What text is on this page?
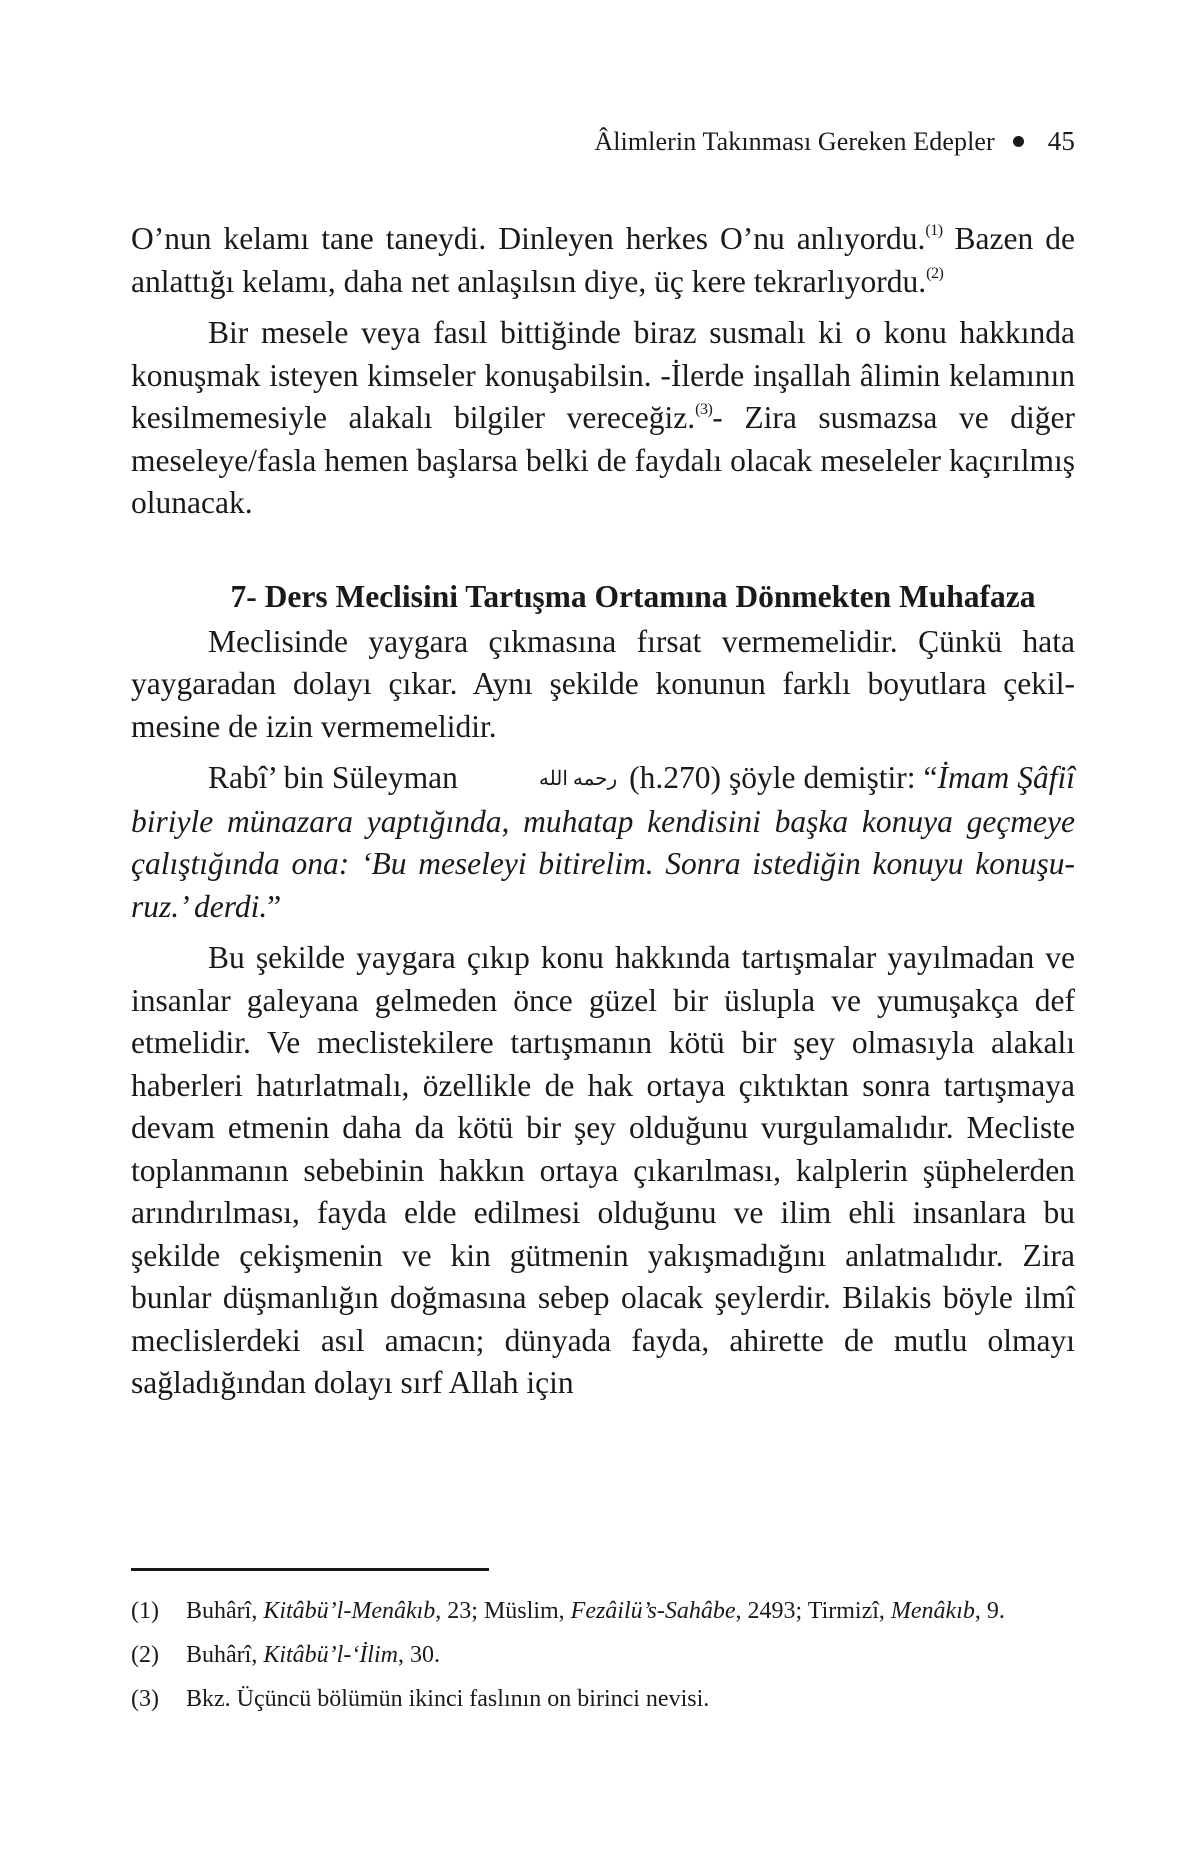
Âlimlerin Takınması Gereken Edepler 45

O’nun kelamı tane taneydi. Dinleyen herkes O’nu anlıyordu.$^{(1)}$ Bazen de anlattığı kelamı, daha net anlaşılsın diye, üç kere tekrarlıyordu.$^{(2)}$

Bir mesele veya fasıl bittiğinde biraz susmalı ki o konu hakkında konuşmak isteyen kimseler konuşabilsin. -İlerde inşallah âlimin kelamının kesilmemesiyle alakalı bilgiler vereceğiz.$^{(3)}$- Zira susmazsa ve diğer meseleye/fasla hemen başlarsa belki de faydalı olacak meseleler kaçırılmış olunacak.

7- Ders Meclisini Tartışma Ortamına Dönmekten Muhafaza

Meclisinde yaygara çıkmasına fırsat vermemelidir. Çünkü hata yaygaradan dolayı çıkar. Aynı şekilde konunun farklı boyutlara çekilmesine de izin vermemelidir.

Rabî’ bin Süleyman	رحمه الله (h.270) şöyle demiştir: “İmam Şâfiî biriyle münazara yaptığında, muhatap kendisini başka konuya geçmeye çalıştığında ona: ‘Bu meseleyi bitirelim. Sonra istediğin konuyu konuşuruz.’ derdi.”

Bu şekilde yaygara çıkıp konu hakkında tartışmalar yayılmadan ve insanlar galeyana gelmeden önce güzel bir üslupla ve yumuşakça def etmelidir. Ve meclistekilere tartışmanın kötü bir şey olmasıyla alakalı haberleri hatırlatmalı, özellikle de hak ortaya çıktıktan sonra tartışmaya devam etmenin daha da kötü bir şey olduğunu vurgulamalıdır. Mecliste toplanmanın sebebinin hakkın ortaya çıkarılması, kalplerin şüphelerden arındırılması, fayda elde edilmesi olduğunu ve ilim ehli insanlara bu şekilde çekişmenin ve kin gütmenin yakışmadığını anlatmalıdır. Zira bunlar düşmanlığın doğmasına sebep olacak şeylerdir. Bilakis böyle ilmî meclislerdeki asıl amacın; dünyada fayda, ahirette de mutlu olmayı sağladığından dolayı sırf Allah için

(1)	Buhârî, Kitâbü’l-Menâkıb, 23; Müslim, Fezâilü’s-Sahâbe, 2493; Tirmizî, Menâkıb, 9.
(2)	Buhârî, Kitâbü’l-‘İlim, 30.
(3)	Bkz. Üçüncü bölümün ikinci faslının on birinci nevisi.
